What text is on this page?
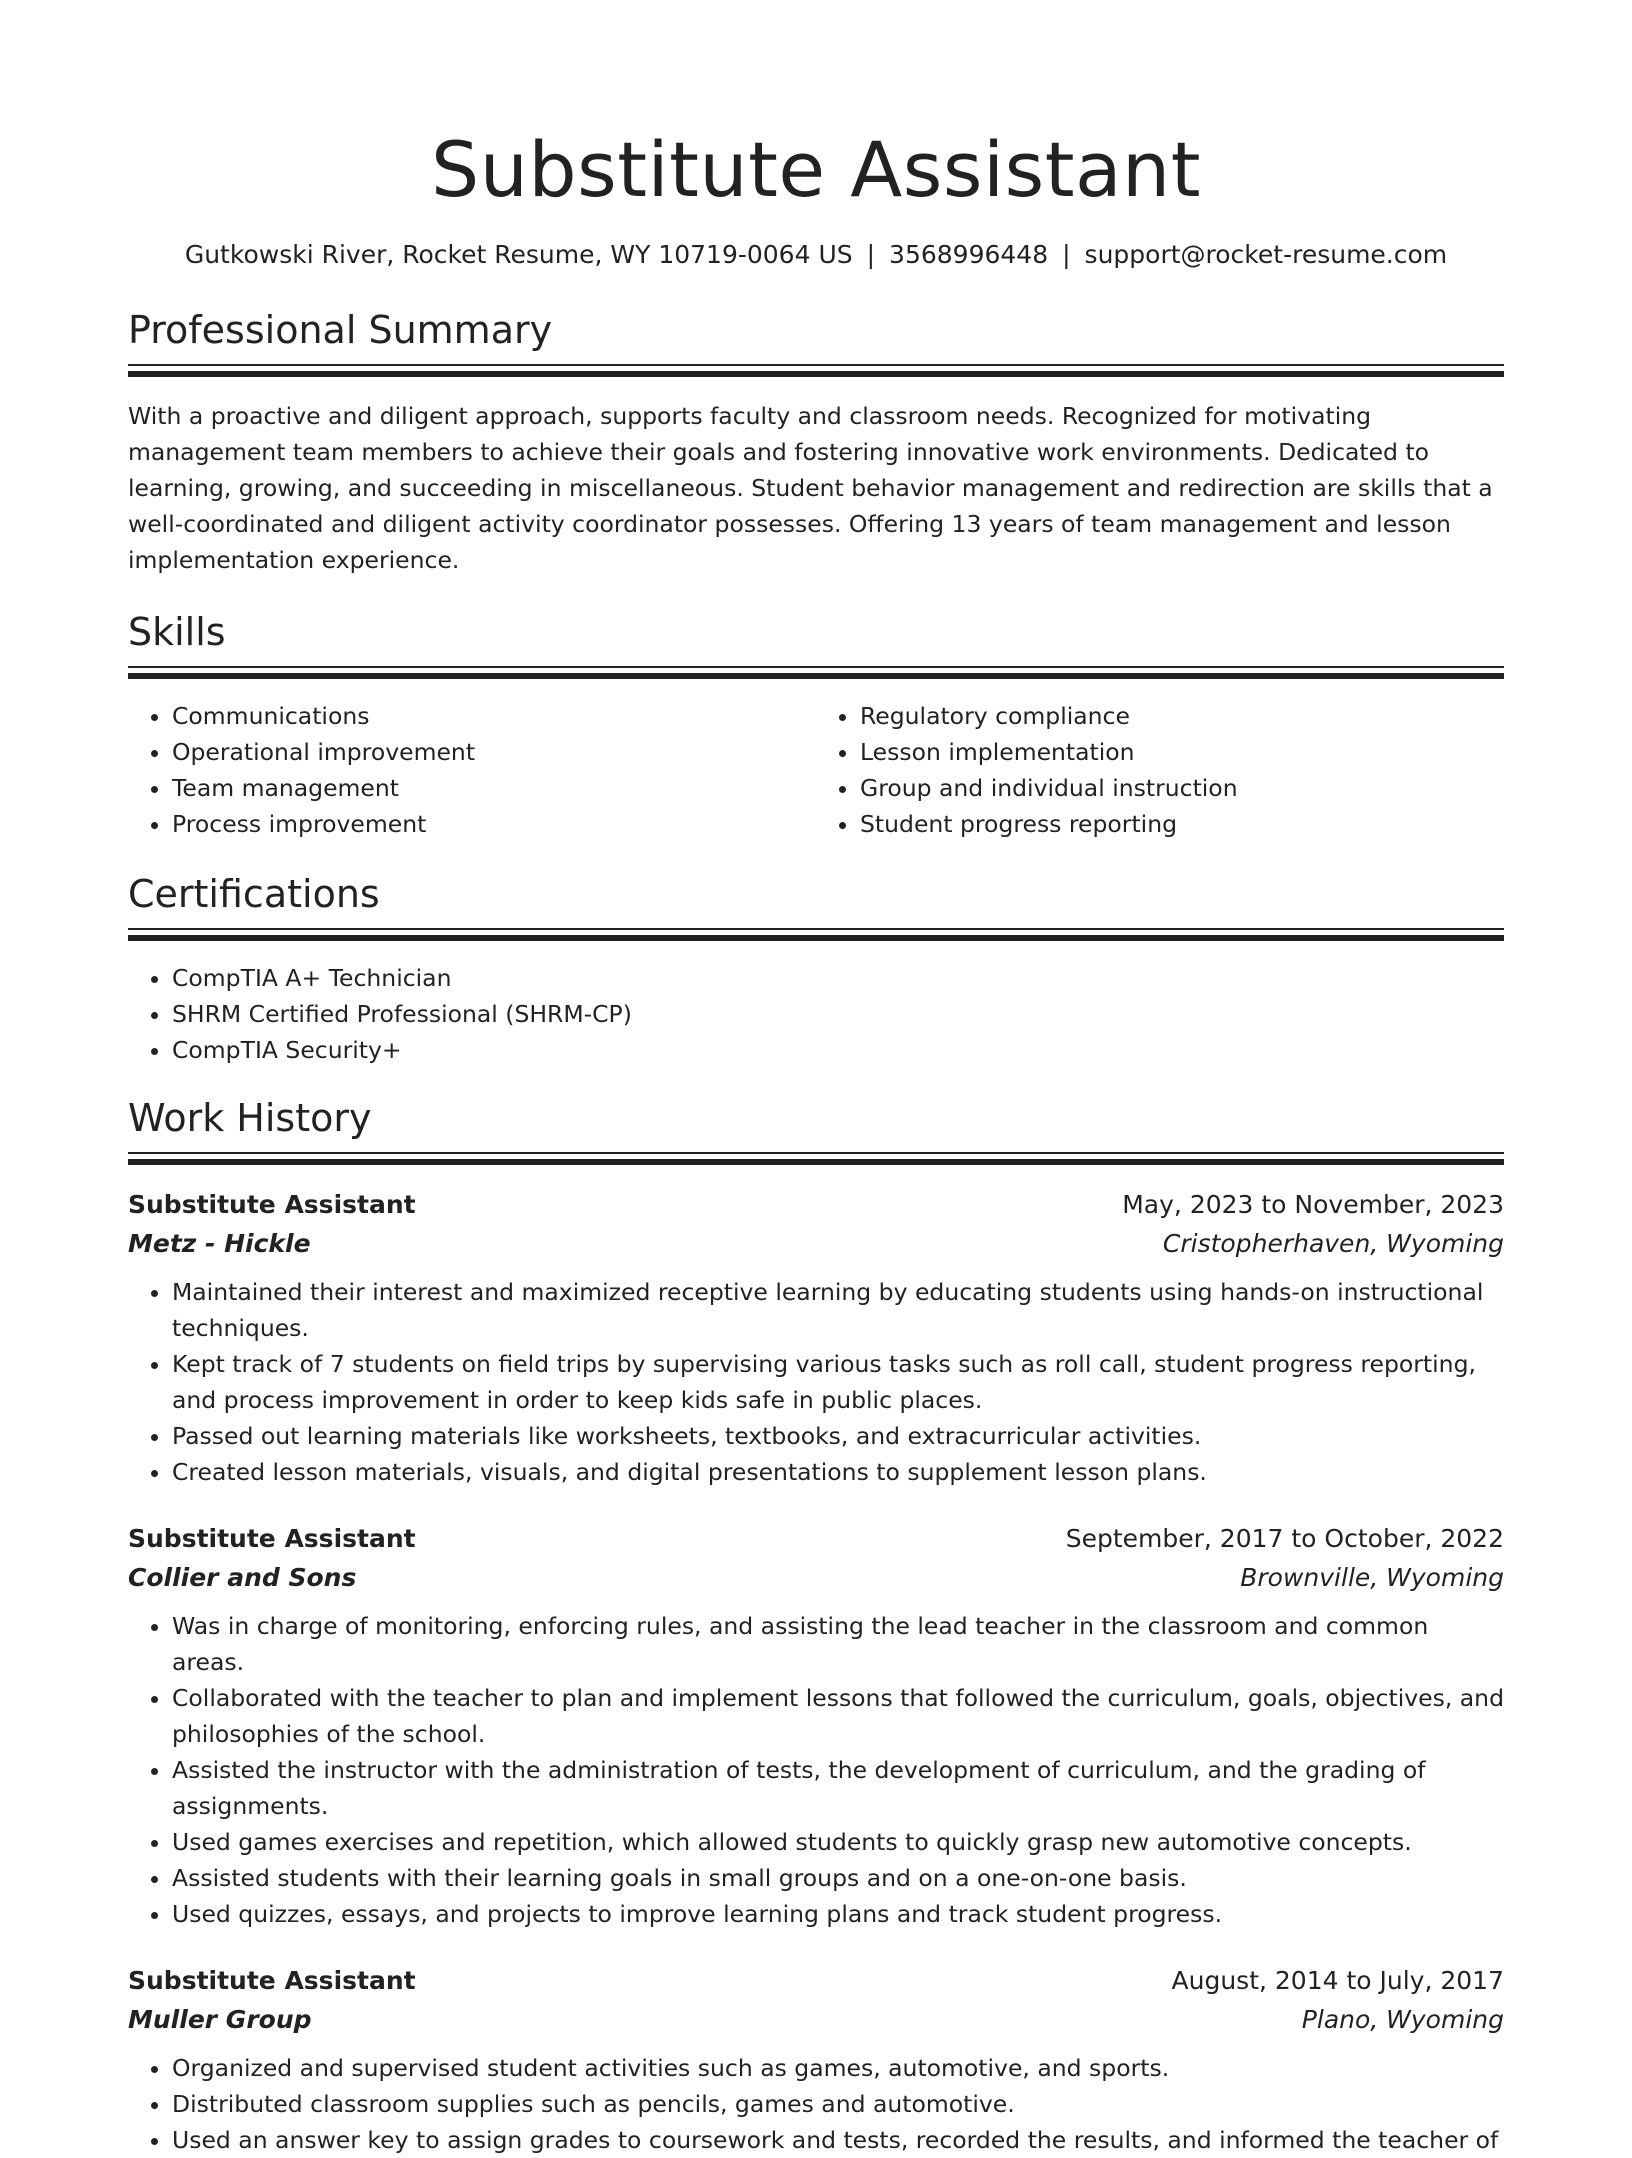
Substitute Assistant
Gutkowski River, Rocket Resume, WY 10719-0064 US | 3568996448 | support@rocket-resume.com
Professional Summary
With a proactive and diligent approach, supports faculty and classroom needs. Recognized for motivating management team members to achieve their goals and fostering innovative work environments. Dedicated to learning, growing, and succeeding in miscellaneous. Student behavior management and redirection are skills that a well-coordinated and diligent activity coordinator possesses. Offering 13 years of team management and lesson implementation experience.
Skills
• Communications
• Operational improvement
• Team management
• Process improvement
• Regulatory compliance
• Lesson implementation
• Group and individual instruction
• Student progress reporting
Certifications
• CompTIA A+ Technician
• SHRM Certified Professional (SHRM-CP)
• CompTIA Security+
Work History
Substitute Assistant	May, 2023 to November, 2023
Metz - Hickle	Cristopherhaven, Wyoming
• Maintained their interest and maximized receptive learning by educating students using hands-on instructional techniques.
• Kept track of 7 students on field trips by supervising various tasks such as roll call, student progress reporting, and process improvement in order to keep kids safe in public places.
• Passed out learning materials like worksheets, textbooks, and extracurricular activities.
• Created lesson materials, visuals, and digital presentations to supplement lesson plans.
Substitute Assistant	September, 2017 to October, 2022
Collier and Sons	Brownville, Wyoming
• Was in charge of monitoring, enforcing rules, and assisting the lead teacher in the classroom and common areas.
• Collaborated with the teacher to plan and implement lessons that followed the curriculum, goals, objectives, and philosophies of the school.
• Assisted the instructor with the administration of tests, the development of curriculum, and the grading of assignments.
• Used games exercises and repetition, which allowed students to quickly grasp new automotive concepts.
• Assisted students with their learning goals in small groups and on a one-on-one basis.
• Used quizzes, essays, and projects to improve learning plans and track student progress.
Substitute Assistant	August, 2014 to July, 2017
Muller Group	Plano, Wyoming
• Organized and supervised student activities such as games, automotive, and sports.
• Distributed classroom supplies such as pencils, games and automotive.
• Used an answer key to assign grades to coursework and tests, recorded the results, and informed the teacher of
